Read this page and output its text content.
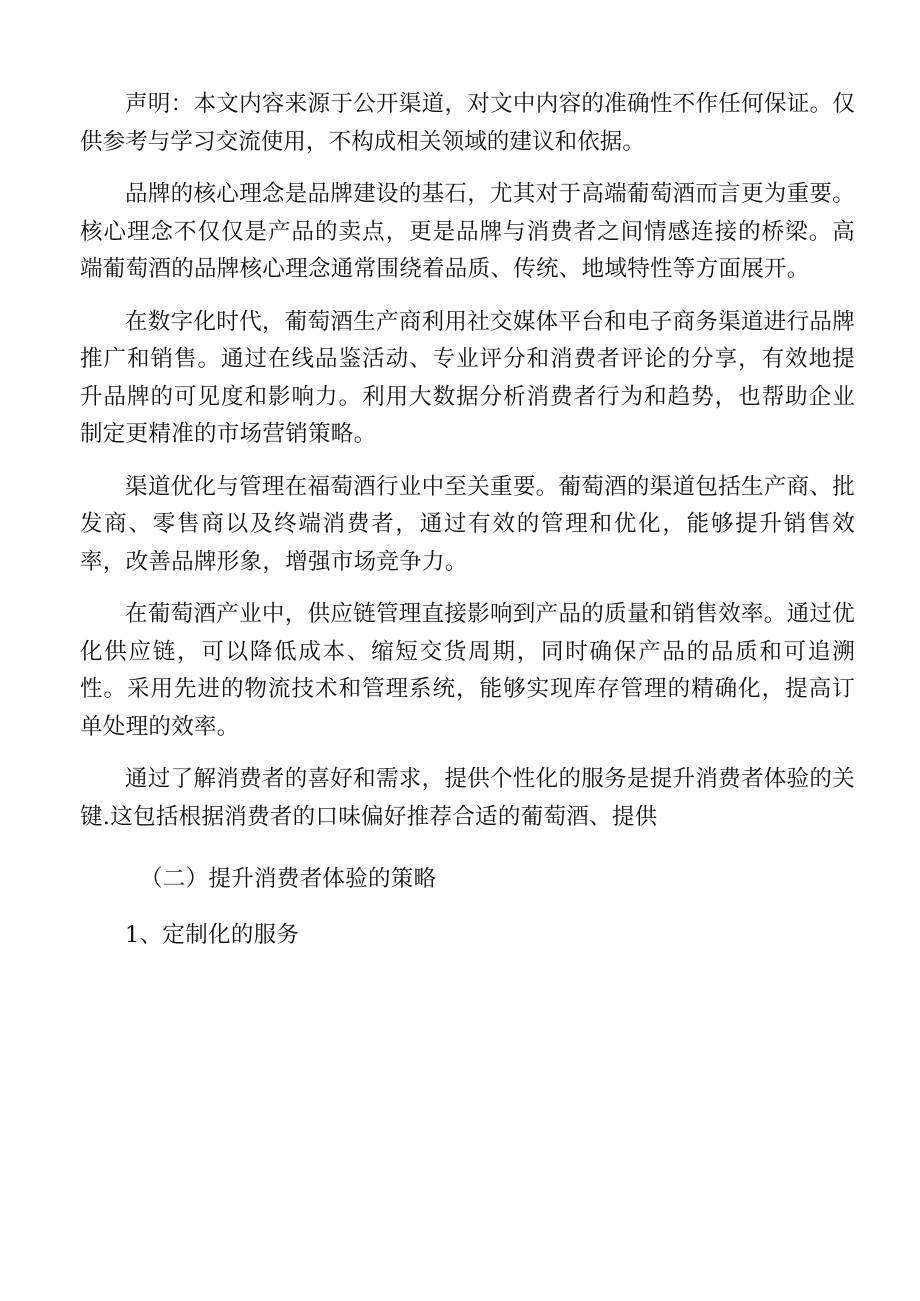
声明：本文内容来源于公开渠道，对文中内容的准确性不作任何保证。仅供参考与学习交流使用，不构成相关领域的建议和依据。

品牌的核心理念是品牌建设的基石，尤其对于高端葡萄酒而言更为重要。核心理念不仅仅是产品的卖点，更是品牌与消费者之间情感连接的桥梁。高端葡萄酒的品牌核心理念通常围绕着品质、传统、地域特性等方面展开。

在数字化时代，葡萄酒生产商利用社交媒体平台和电子商务渠道进行品牌推广和销售。通过在线品鉴活动、专业评分和消费者评论的分享，有效地提升品牌的可见度和影响力。利用大数据分析消费者行为和趋势，也帮助企业制定更精准的市场营销策略。

渠道优化与管理在福萄酒行业中至关重要。葡萄酒的渠道包括生产商、批发商、零售商以及终端消费者，通过有效的管理和优化，能够提升销售效率，改善品牌形象，增强市场竞争力。

在葡萄酒产业中，供应链管理直接影响到产品的质量和销售效率。通过优化供应链，可以降低成本、缩短交货周期，同时确保产品的品质和可追溯性。采用先进的物流技术和管理系统，能够实现库存管理的精确化，提高订单处理的效率。

通过了解消费者的喜好和需求，提供个性化的服务是提升消费者体验的关键.这包括根据消费者的口味偏好推荐合适的葡萄酒、提供

（二）提升消费者体验的策略

1、定制化的服务
